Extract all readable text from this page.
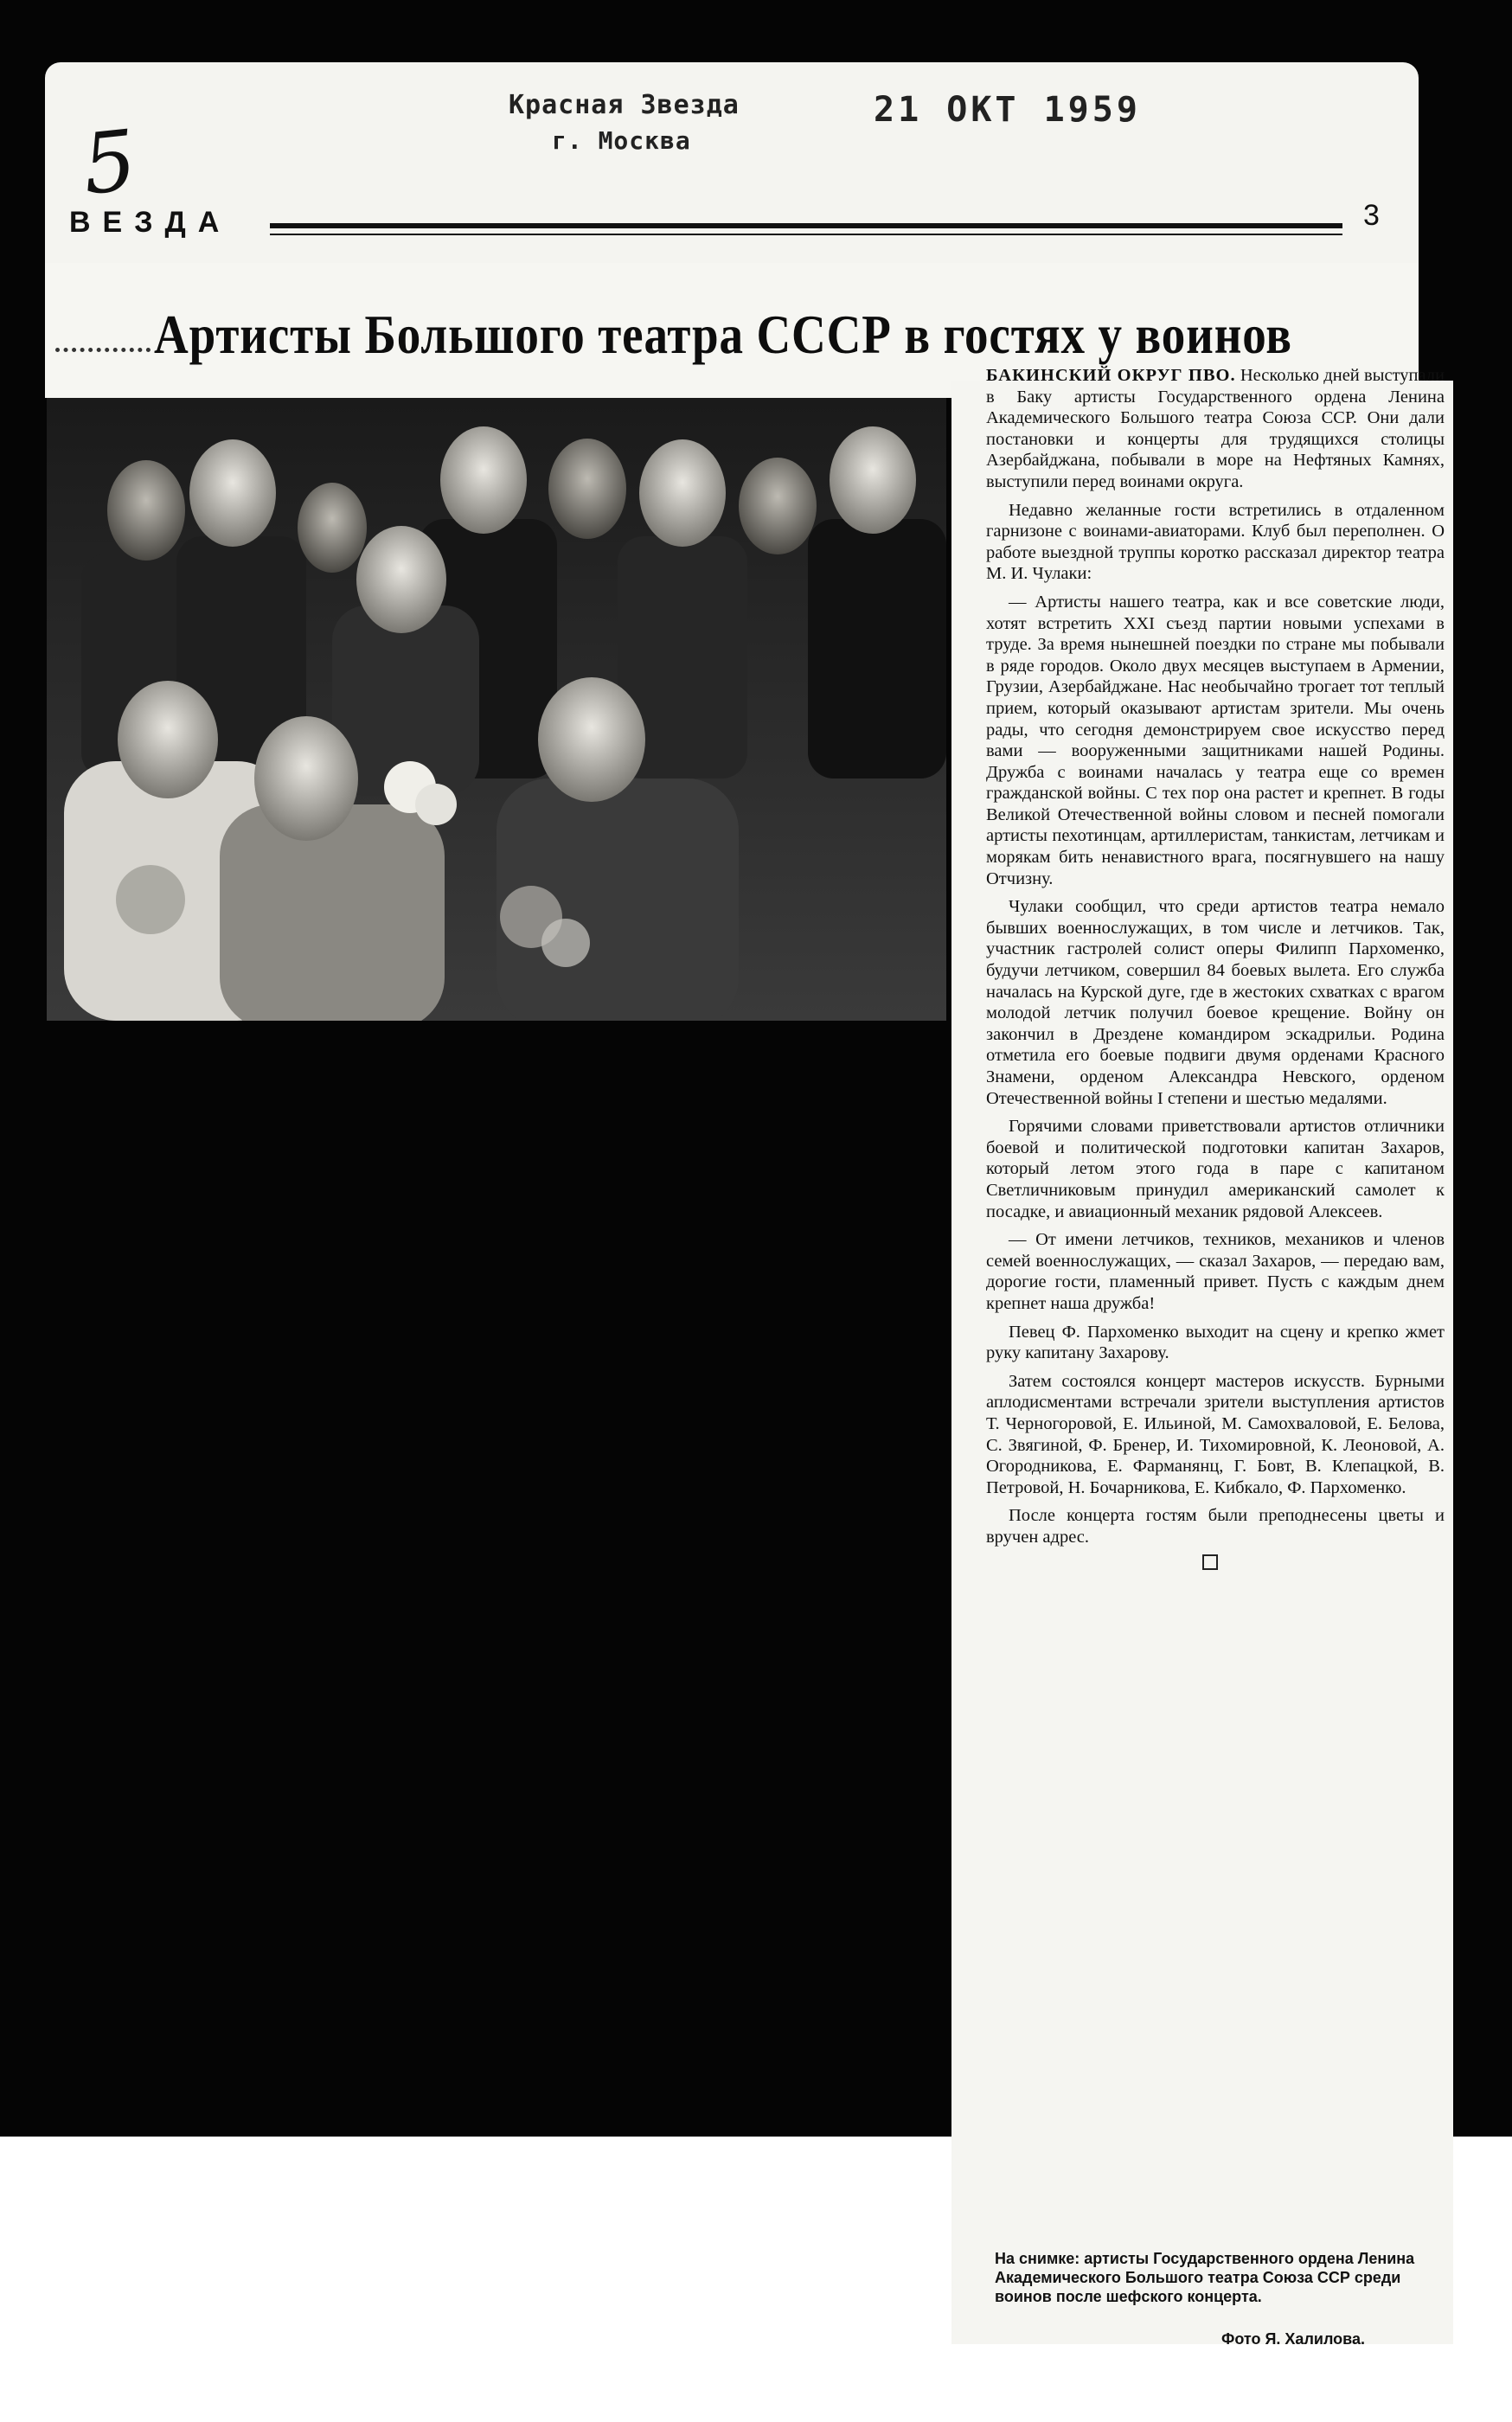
Красная Звезда
г. Москва
21 ОКТ 1959
5
ВЕЗДА	3
Артисты Большого театра СССР в гостях у воинов

БАКИНСКИЙ ОКРУГ ПВО. Несколько дней выступали в Баку артисты Государственного ордена Ленина Академического Большого театра Союза ССР. Они дали постановки и концерты для трудящихся столицы Азербайджана, побывали в море на Нефтяных Камнях, выступили перед воинами округа.

Недавно желанные гости встретились в отдаленном гарнизоне с воинами-авиаторами. Клуб был переполнен. О работе выездной труппы коротко рассказал директор театра М. И. Чулаки:

— Артисты нашего театра, как и все советские люди, хотят встретить XXI съезд партии новыми успехами в труде. За время нынешней поездки по стране мы побывали в ряде городов. Около двух месяцев выступаем в Армении, Грузии, Азербайджане. Нас необычайно трогает тот теплый прием, который оказывают артистам зрители. Мы очень рады, что сегодня демонстрируем свое искусство перед вами — вооруженными защитниками нашей Родины. Дружба с воинами началась у театра еще со времен гражданской войны. С тех пор она растет и крепнет. В годы Великой Отечественной войны словом и песней помогали артисты пехотинцам, артиллеристам, танкистам, летчикам и морякам бить ненавистного врага, посягнувшего на нашу Отчизну.

Чулаки сообщил, что среди артистов театра немало бывших военнослужащих, в том числе и летчиков. Так, участник гастролей солист оперы Филипп Пархоменко, будучи летчиком, совершил 84 боевых вылета. Его служба началась на Курской дуге, где в жестоких схватках с врагом молодой летчик получил боевое крещение. Войну он закончил в Дрездене командиром эскадрильи. Родина отметила его боевые подвиги двумя орденами Красного Знамени, орденом Александра Невского, орденом Отечественной войны I степени и шестью медалями.

Горячими словами приветствовали артистов отличники боевой и политической подготовки капитан Захаров, который летом этого года в паре с капитаном Светличниковым принудил американский самолет к посадке, и авиационный механик рядовой Алексеев.

— От имени летчиков, техников, механиков и членов семей военнослужащих, — сказал Захаров, — передаю вам, дорогие гости, пламенный привет. Пусть с каждым днем крепнет наша дружба!

Певец Ф. Пархоменко выходит на сцену и крепко жмет руку капитану Захарову.

Затем состоялся концерт мастеров искусств. Бурными аплодисментами встречали зрители выступления артистов Т. Черногоровой, Е. Ильиной, М. Самохваловой, Е. Белова, С. Звягиной, Ф. Бренер, И. Тихомировной, К. Леоновой, А. Огородникова, Е. Фарманянц, Г. Бовт, В. Клепацкой, В. Петровой, Н. Бочарникова, Е. Кибкало, Ф. Пархоменко.

После концерта гостям были преподнесены цветы и вручен адрес.

На снимке: артисты Государственного ордена Ленина Академического Большого театра Союза ССР среди воинов после шефского концерта.
Фото Я. Халилова.
